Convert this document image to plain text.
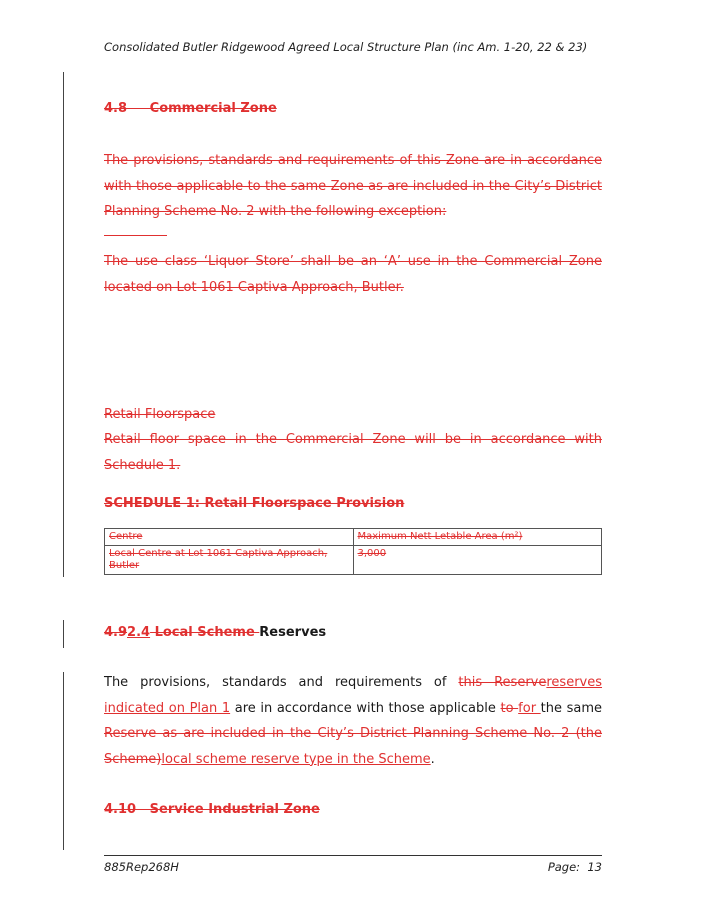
Consolidated Butler Ridgewood Agreed Local Structure Plan (inc Am. 1-20, 22 & 23)
4.8     Commercial Zone
The provisions, standards and requirements of this Zone are in accordance with those applicable to the same Zone as are included in the City’s District Planning Scheme No. 2 with the following exception:
The use class ‘Liquor Store’ shall be an ‘A’ use in the Commercial Zone located on Lot 1061 Captiva Approach, Butler.
Retail Floorspace
Retail floor space in the Commercial Zone will be in accordance with Schedule 1.
SCHEDULE 1: Retail Floorspace Provision
Centre	Maximum Nett Letable Area (m²)
Local Centre at Lot 1061 Captiva Approach, Butler	3,000
4.92.4 Local Scheme Reserves
The provisions, standards and requirements of this Reservereserves indicated on Plan 1 are in accordance with those applicable to for the same Reserve as are included in the City’s District Planning Scheme No. 2 (the Scheme)local scheme reserve type in the Scheme.
4.10   Service Industrial Zone
885Rep268H	Page:  13
